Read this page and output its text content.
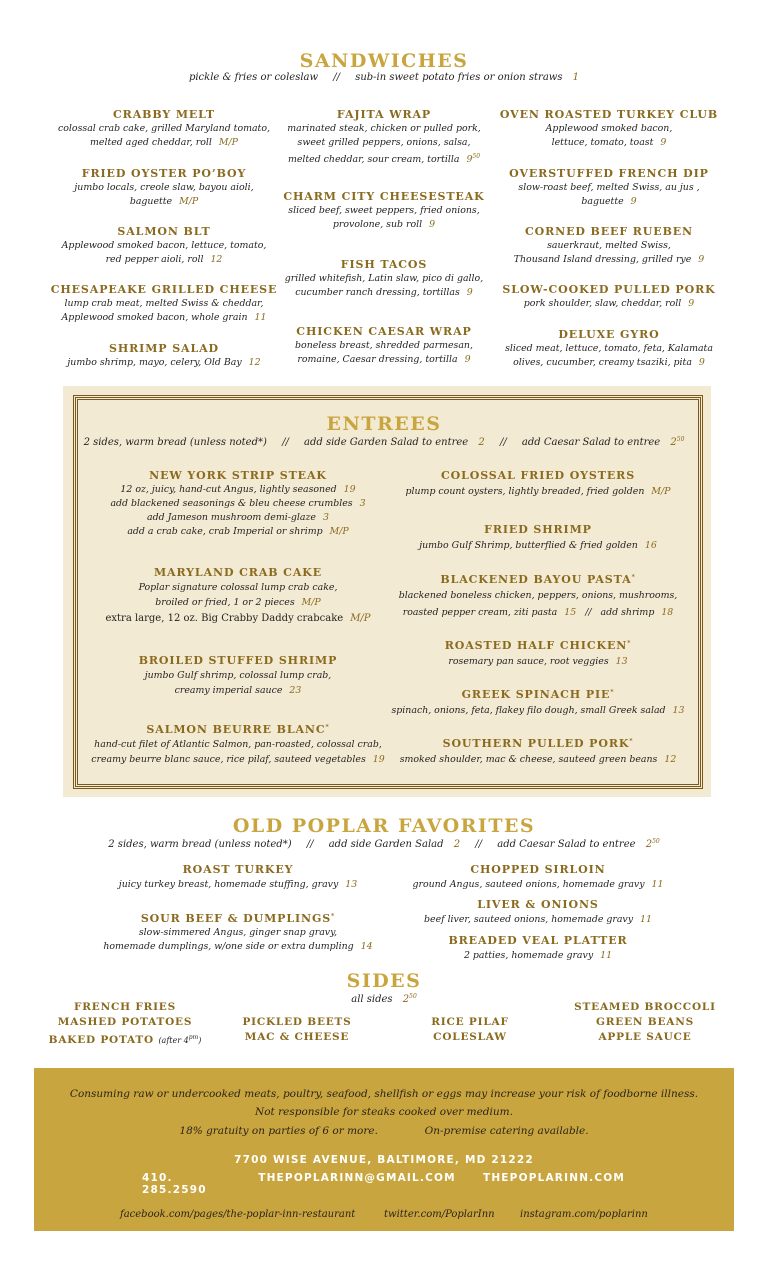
SANDWICHES
pickle & fries or coleslaw // sub-in sweet potato fries or onion straws 1
CRABBY MELT
colossal crab cake, grilled Maryland tomato,
melted aged cheddar, roll M/P
FRIED OYSTER PO’BOY
jumbo locals, creole slaw, bayou aioli,
baguette M/P
SALMON BLT
Applewood smoked bacon, lettuce, tomato,
red pepper aioli, roll 12
CHESAPEAKE GRILLED CHEESE
lump crab meat, melted Swiss & cheddar,
Applewood smoked bacon, whole grain 11
SHRIMP SALAD
jumbo shrimp, mayo, celery, Old Bay 12
FAJITA WRAP
marinated steak, chicken or pulled pork,
sweet grilled peppers, onions, salsa,
melted cheddar, sour cream, tortilla $9^{50}$
CHARM CITY CHEESESTEAK
sliced beef, sweet peppers, fried onions,
provolone, sub roll 9
FISH TACOS
grilled whitefish, Latin slaw, pico di gallo,
cucumber ranch dressing, tortillas 9
CHICKEN CAESAR WRAP
boneless breast, shredded parmesan,
romaine, Caesar dressing, tortilla 9
OVEN ROASTED TURKEY CLUB
Applewood smoked bacon,
lettuce, tomato, toast 9
OVERSTUFFED FRENCH DIP
slow-roast beef, melted Swiss, au jus ,
baguette 9
CORNED BEEF RUEBEN
sauerkraut, melted Swiss,
Thousand Island dressing, grilled rye 9
SLOW-COOKED PULLED PORK
pork shoulder, slaw, cheddar, roll 9
DELUXE GYRO
sliced meat, lettuce, tomato, feta, Kalamata
olives, cucumber, creamy tsaziki, pita 9
ENTREES
2 sides, warm bread (unless noted*) // add side Garden Salad to entree 2 // add Caesar Salad to entree $2^{50}$
NEW YORK STRIP STEAK
12 oz, juicy, hand-cut Angus, lightly seasoned 19
add blackened seasonings & bleu cheese crumbles 3
add Jameson mushroom demi-glaze 3
add a crab cake, crab Imperial or shrimp M/P
MARYLAND CRAB CAKE
Poplar signature colossal lump crab cake,
broiled or fried, 1 or 2 pieces M/P
extra large, 12 oz. Big Crabby Daddy crabcake M/P
BROILED STUFFED SHRIMP
jumbo Gulf shrimp, colossal lump crab,
creamy imperial sauce 23
SALMON BEURRE BLANC*
hand-cut filet of Atlantic Salmon, pan-roasted, colossal crab,
creamy beurre blanc sauce, rice pilaf, sauteed vegetables 19
COLOSSAL FRIED OYSTERS
plump count oysters, lightly breaded, fried golden M/P
FRIED SHRIMP
jumbo Gulf Shrimp, butterflied & fried golden 16
BLACKENED BAYOU PASTA*
blackened boneless chicken, peppers, onions, mushrooms,
roasted pepper cream, ziti pasta 15 // add shrimp 18
ROASTED HALF CHICKEN*
rosemary pan sauce, root veggies 13
GREEK SPINACH PIE*
spinach, onions, feta, flakey filo dough, small Greek salad 13
SOUTHERN PULLED PORK*
smoked shoulder, mac & cheese, sauteed green beans 12
OLD POPLAR FAVORITES
2 sides, warm bread (unless noted*) // add side Garden Salad 2 // add Caesar Salad to entree $2^{50}$
ROAST TURKEY
juicy turkey breast, homemade stuffing, gravy 13
SOUR BEEF & DUMPLINGS*
slow-simmered Angus, ginger snap gravy,
homemade dumplings, w/one side or extra dumpling 14
CHOPPED SIRLOIN
ground Angus, sauteed onions, homemade gravy 11
LIVER & ONIONS
beef liver, sauteed onions, homemade gravy 11
BREADED VEAL PLATTER
2 patties, homemade gravy 11
SIDES
all sides $2^{50}$
FRENCH FRIES
MASHED POTATOES
BAKED POTATO (after $4^{pm}$)
PICKLED BEETS
MAC & CHEESE
RICE PILAF
COLESLAW
STEAMED BROCCOLI
GREEN BEANS
APPLE SAUCE
Consuming raw or undercooked meats, poultry, seafood, shellfish or eggs may increase your risk of foodborne illness.
Not responsible for steaks cooked over medium.
18% gratuity on parties of 6 or more.	On-premise catering available.
7700 WISE AVENUE, BALTIMORE, MD 21222
410. 285.2590
THEPOPLARINN@GMAIL.COM	THEPOPLARINN.COM
facebook.com/pages/the-poplar-inn-restaurant	twitter.com/PoplarInn	instagram.com/poplarinn
